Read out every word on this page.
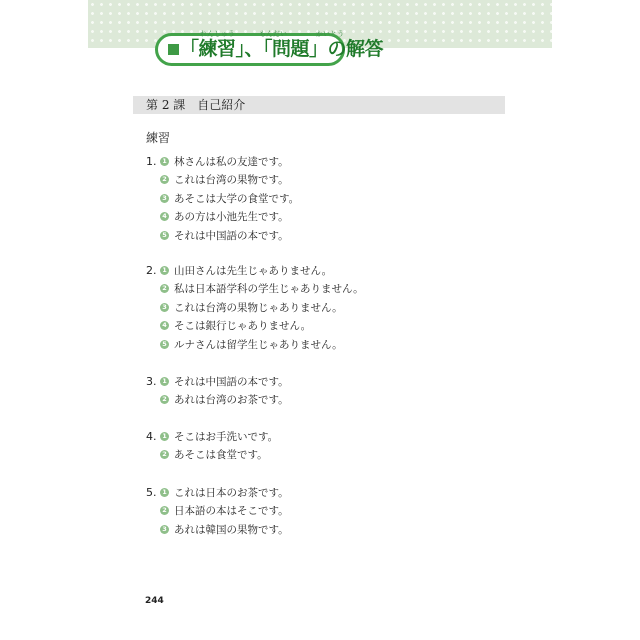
「練習」、「問題」の解答
れんしゅう	もんだい	かいとう
第 2 課　自己紹介
練習
1. 1 林さんは私の友達です。
2 これは台湾の果物です。
3 あそこは大学の食堂です。
4 あの方は小池先生です。
5 それは中国語の本です。
2. 1 山田さんは先生じゃありません。
2 私は日本語学科の学生じゃありません。
3 これは台湾の果物じゃありません。
4 そこは銀行じゃありません。
5 ルナさんは留学生じゃありません。
3. 1 それは中国語の本です。
2 あれは台湾のお茶です。
4. 1 そこはお手洗いです。
2 あそこは食堂です。
5. 1 これは日本のお茶です。
2 日本語の本はそこです。
3 あれは韓国の果物です。
244
